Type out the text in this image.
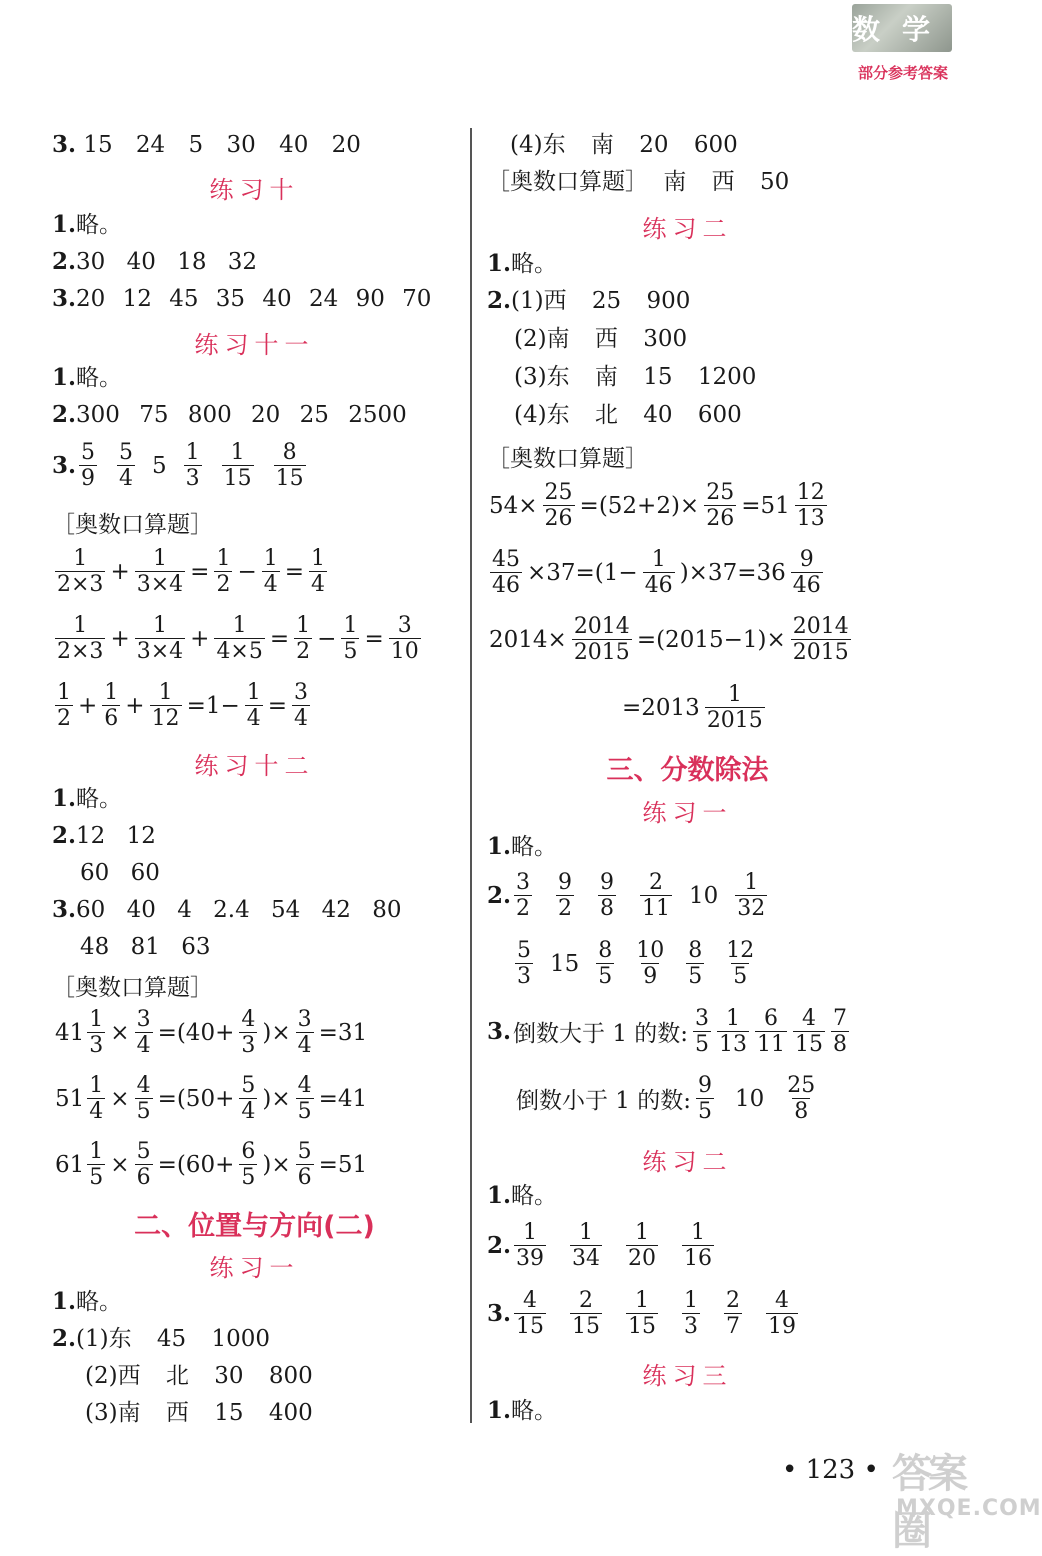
数学
部分参考答案
3. 15 24 5 30 40 20
练习十
1.略。
2.30 40 18 32
3.20 12 45 35 40 24 90 70
练习十一
1.略。
2.300 75 800 20 25 2500
3. $\frac{5}{9} \frac{5}{4} 5 \frac{1}{3} \frac{1}{15} \frac{8}{15}$
［奥数口算题］
$\frac{1}{2\times 3} + \frac{1}{3\times 4} = \frac{1}{2} - \frac{1}{4} = \frac{1}{4}$
$\frac{1}{2\times 3} + \frac{1}{3\times 4} + \frac{1}{4\times 5} = \frac{1}{2} - \frac{1}{5} = \frac{3}{10}$
$\frac{1}{2} + \frac{1}{6} + \frac{1}{12} =1- \frac{1}{4} = \frac{3}{4}$
练习十二
1.略。
2.12 12
60 60
3.60 40 4 2.4 54 42 80
48 81 63
［奥数口算题］
$41 \frac{1}{3} \times \frac{3}{4} =(40+ \frac{4}{3}$ )× $\frac{3}{4} =31$
$51 \frac{1}{4} \times \frac{4}{5} =(50+ \frac{5}{4}$ )× $\frac{4}{5} =41$
$61 \frac{1}{5} \times \frac{5}{6} =(60+ \frac{6}{5}$ )× $\frac{5}{6} =51$
二、位置与方向(二)
练习一
1.略。
2.(1)东 45 1000
(2)西 北 30 800
(3)南 西 15 400
(4)东 南 20 600
［奥数口算题］ 南 西 50
练习二
1.略。
2.(1)西 25 900
(2)南 西 300
(3)东 南 15 1200
(4)东 北 40 600
［奥数口算题］
$54\times \frac{25}{26} =(52+2)\times \frac{25}{26} =51 \frac{12}{13}$
$\frac{45}{46} \times 37=(1- \frac{1}{46} )\times 37=36 \frac{9}{46}$
$2014\times \frac{2014}{2015} =(2015-1)\times \frac{2014}{2015}$
$=2013 \frac{1}{2015}$
三、分数除法
练习一
1.略。
2. $\frac{3}{2} \frac{9}{2} \frac{9}{8} \frac{2}{11} 10 \frac{1}{32}$
$\frac{5}{3} 15 \frac{8}{5} \frac{10}{9} \frac{8}{5} \frac{12}{5}$
3. 倒数大于 1 的数: $\frac{3}{5} \frac{1}{13} \frac{6}{11} \frac{4}{15} \frac{7}{8}$
倒数小于 1 的数: $\frac{9}{5} 10 \frac{25}{8}$
练习二
1.略。
2. $\frac{1}{39} \frac{1}{34} \frac{1}{20} \frac{1}{16}$
3. $\frac{4}{15} \frac{2}{15} \frac{1}{15} \frac{1}{3} \frac{2}{7} \frac{4}{19}$
练习三
1.略。
• 123 • 答案圈
MXQE.COM
